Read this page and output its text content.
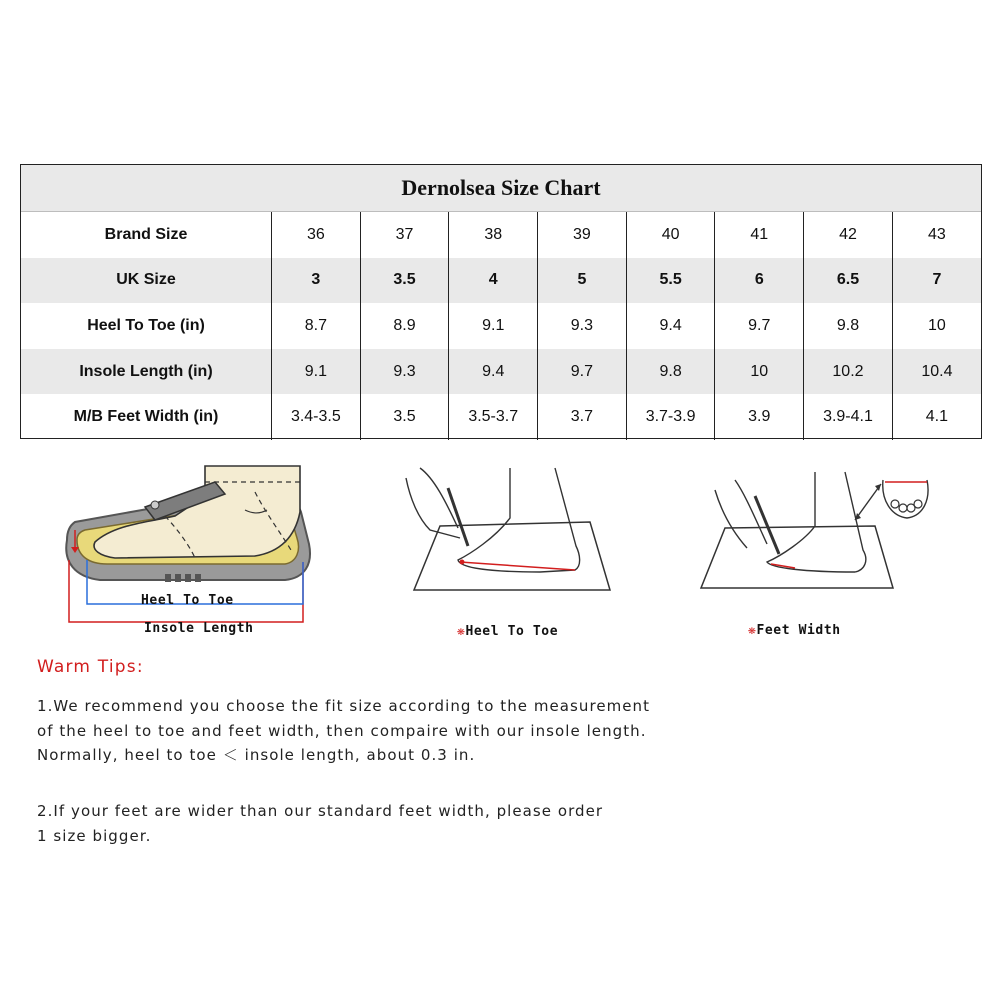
Dernolsea Size Chart
Brand Size	36	37	38	39	40	41	42	43
UK Size	3	3.5	4	5	5.5	6	6.5	7
Heel To Toe (in)	8.7	8.9	9.1	9.3	9.4	9.7	9.8	10
Insole Length (in)	9.1	9.3	9.4	9.7	9.8	10	10.2	10.4
M/B Feet Width (in)	3.4-3.5	3.5	3.5-3.7	3.7	3.7-3.9	3.9	3.9-4.1	4.1
Heel To Toe
Insole Length	❋Heel To Toe	❋Feet Width
Warm Tips:
1.We recommend you choose the fit size according to the measurement
of the heel to toe and feet width, then compaire with our insole length.
Normally, heel to toe ＜ insole length, about 0.3 in.
2.If your feet are wider than our standard feet width, please order
1 size bigger.
